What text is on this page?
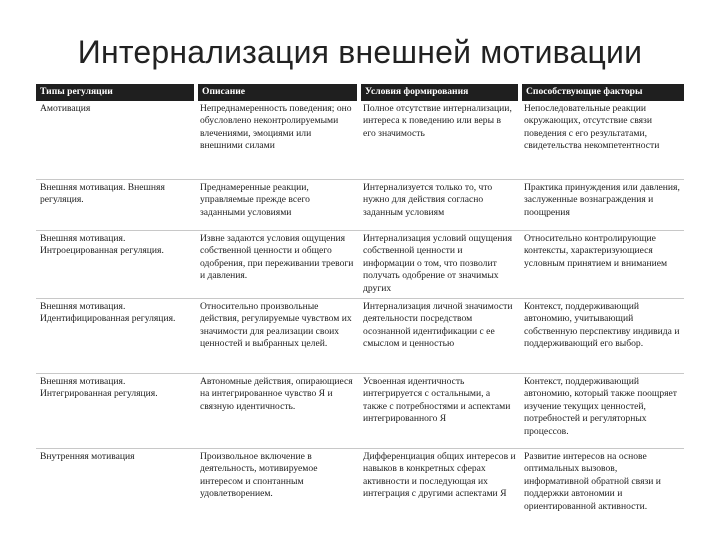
Интернализация внешней мотивации
Типы регуляции	Описание	Условия формирования	Способствующие факторы
Амотивация	Непреднамеренность поведения; оно обусловлено неконтролируемыми влечениями, эмоциями или внешними силами	Полное отсутствие интернализации, интереса к поведению или веры в его значимость	Непоследовательные реакции окружающих, отсутствие связи поведения с его результатами, свидетельства некомпетентности
Внешняя мотивация. Внешняя регуляция.	Преднамеренные реакции, управляемые прежде всего заданными условиями	Интернализуется только то, что нужно для действия согласно заданным условиям	Практика принуждения или давления, заслуженные вознаграждения и поощрения
Внешняя мотивация. Интроецированная регуляция.	Извне задаются условия ощущения собственной ценности и общего одобрения, при переживании тревоги и давления.	Интернализация условий ощущения собственной ценности и информации о том, что позволит получать одобрение от значимых других	Относительно контролирующие контексты, характеризующиеся условным принятием и вниманием
Внешняя мотивация. Идентифицированная регуляция.	Относительно произвольные действия, регулируемые чувством их значимости для реализации своих ценностей и выбранных целей.	Интернализация личной значимости деятельности посредством осознанной идентификации с ее смыслом и ценностью	Контекст, поддерживающий автономию, учитывающий собственную перспективу индивида и поддерживающий его выбор.
Внешняя мотивация. Интегрированная регуляция.	Автономные действия, опирающиеся на интегрированное чувство Я и связную идентичность.	Усвоенная идентичность интегрируется с остальными, а также с потребностями и аспектами интегрированного Я	Контекст, поддерживающий автономию, который также поощряет изучение текущих ценностей, потребностей и регуляторных процессов.
Внутренняя мотивация	Произвольное включение в деятельность, мотивируемое интересом и спонтанным удовлетворением.	Дифференциация общих интересов и навыков в конкретных сферах активности и последующая их интеграция с другими аспектами Я	Развитие интересов на основе оптимальных вызовов, информативной обратной связи и поддержки автономии и ориентированной активности.
